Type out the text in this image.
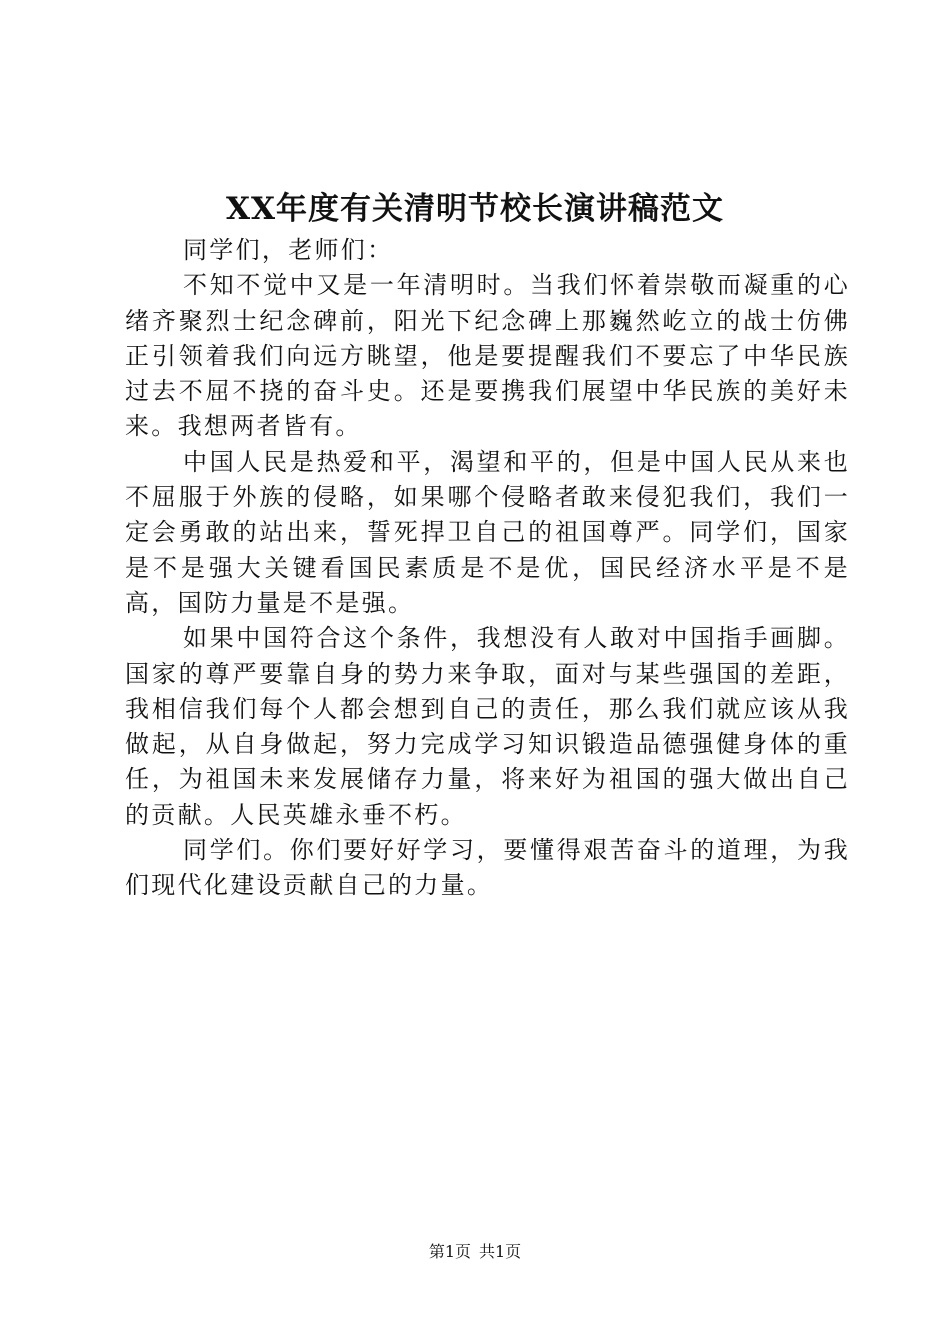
XX年度有关清明节校长演讲稿范文

同学们，老师们：

不知不觉中又是一年清明时。当我们怀着崇敬而凝重的心绪齐聚烈士纪念碑前，阳光下纪念碑上那巍然屹立的战士仿佛正引领着我们向远方眺望，他是要提醒我们不要忘了中华民族过去不屈不挠的奋斗史。还是要携我们展望中华民族的美好未来。我想两者皆有。

中国人民是热爱和平，渴望和平的，但是中国人民从来也不屈服于外族的侵略，如果哪个侵略者敢来侵犯我们，我们一定会勇敢的站出来，誓死捍卫自己的祖国尊严。同学们，国家是不是强大关键看国民素质是不是优，国民经济水平是不是高，国防力量是不是强。

如果中国符合这个条件，我想没有人敢对中国指手画脚。国家的尊严要靠自身的势力来争取，面对与某些强国的差距，我相信我们每个人都会想到自己的责任，那么我们就应该从我做起，从自身做起，努力完成学习知识锻造品德强健身体的重任，为祖国未来发展储存力量，将来好为祖国的强大做出自己的贡献。人民英雄永垂不朽。

同学们。你们要好好学习，要懂得艰苦奋斗的道理，为我们现代化建设贡献自己的力量。

第1页 共1页
